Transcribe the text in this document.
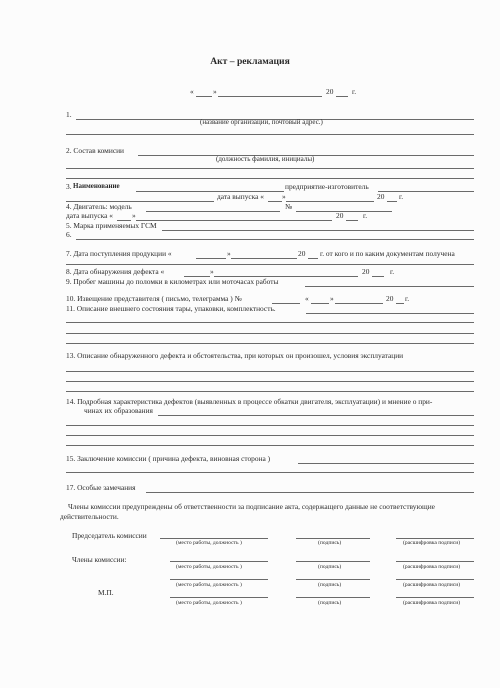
Акт – рекламация
«	»	20	г.
1.
(название организации, почтовый адрес.)
2. Состав комисии
(должность фамилия, инициалы)
3. Наименование	предприятие-изготовитель
дата выпуска « »	20 г.
4. Двигатель: модель	№
дата выпуска «	»	20	г.
5. Марка применяемых ГСМ
6.
7. Дата поступления продукции «	»	20 г. от кого и по каким документам получена
8. Дата обнаружения дефекта «	»	20	г.
9. Пробег машины до поломки в километрах или моточасах работы
10. Извещение представителя ( письмо, телеграмма ) №	«	»	20 г.
11. Описание внешнего состояния тары, упаковки, комплектность.
13. Описание обнаруженного дефекта и обстоятельства, при которых он произошел, условия эксплуатации
14. Подробная характеристика дефектов (выявленных в процессе обкатки двигателя, эксплуатации) и мнение о при-
чинах их образования
15. Заключение комиссии ( причина дефекта, виновная сторона )
17. Особые замечания
Члены комиссии предупреждены об ответственности за подписание акта, содержащего данные не соответствующие
действительности.
Председатель комиссии
(место работы, должность )	(подпись)	(расшифровка подписи)
Члены комиссии:
(место работы, должность )	(подпись)	(расшифровка подписи)
(место работы, должность )	(подпись)	(расшифровка подписи)
М.П.
(место работы, должность )	(подпись)	(расшифровка подписи)
